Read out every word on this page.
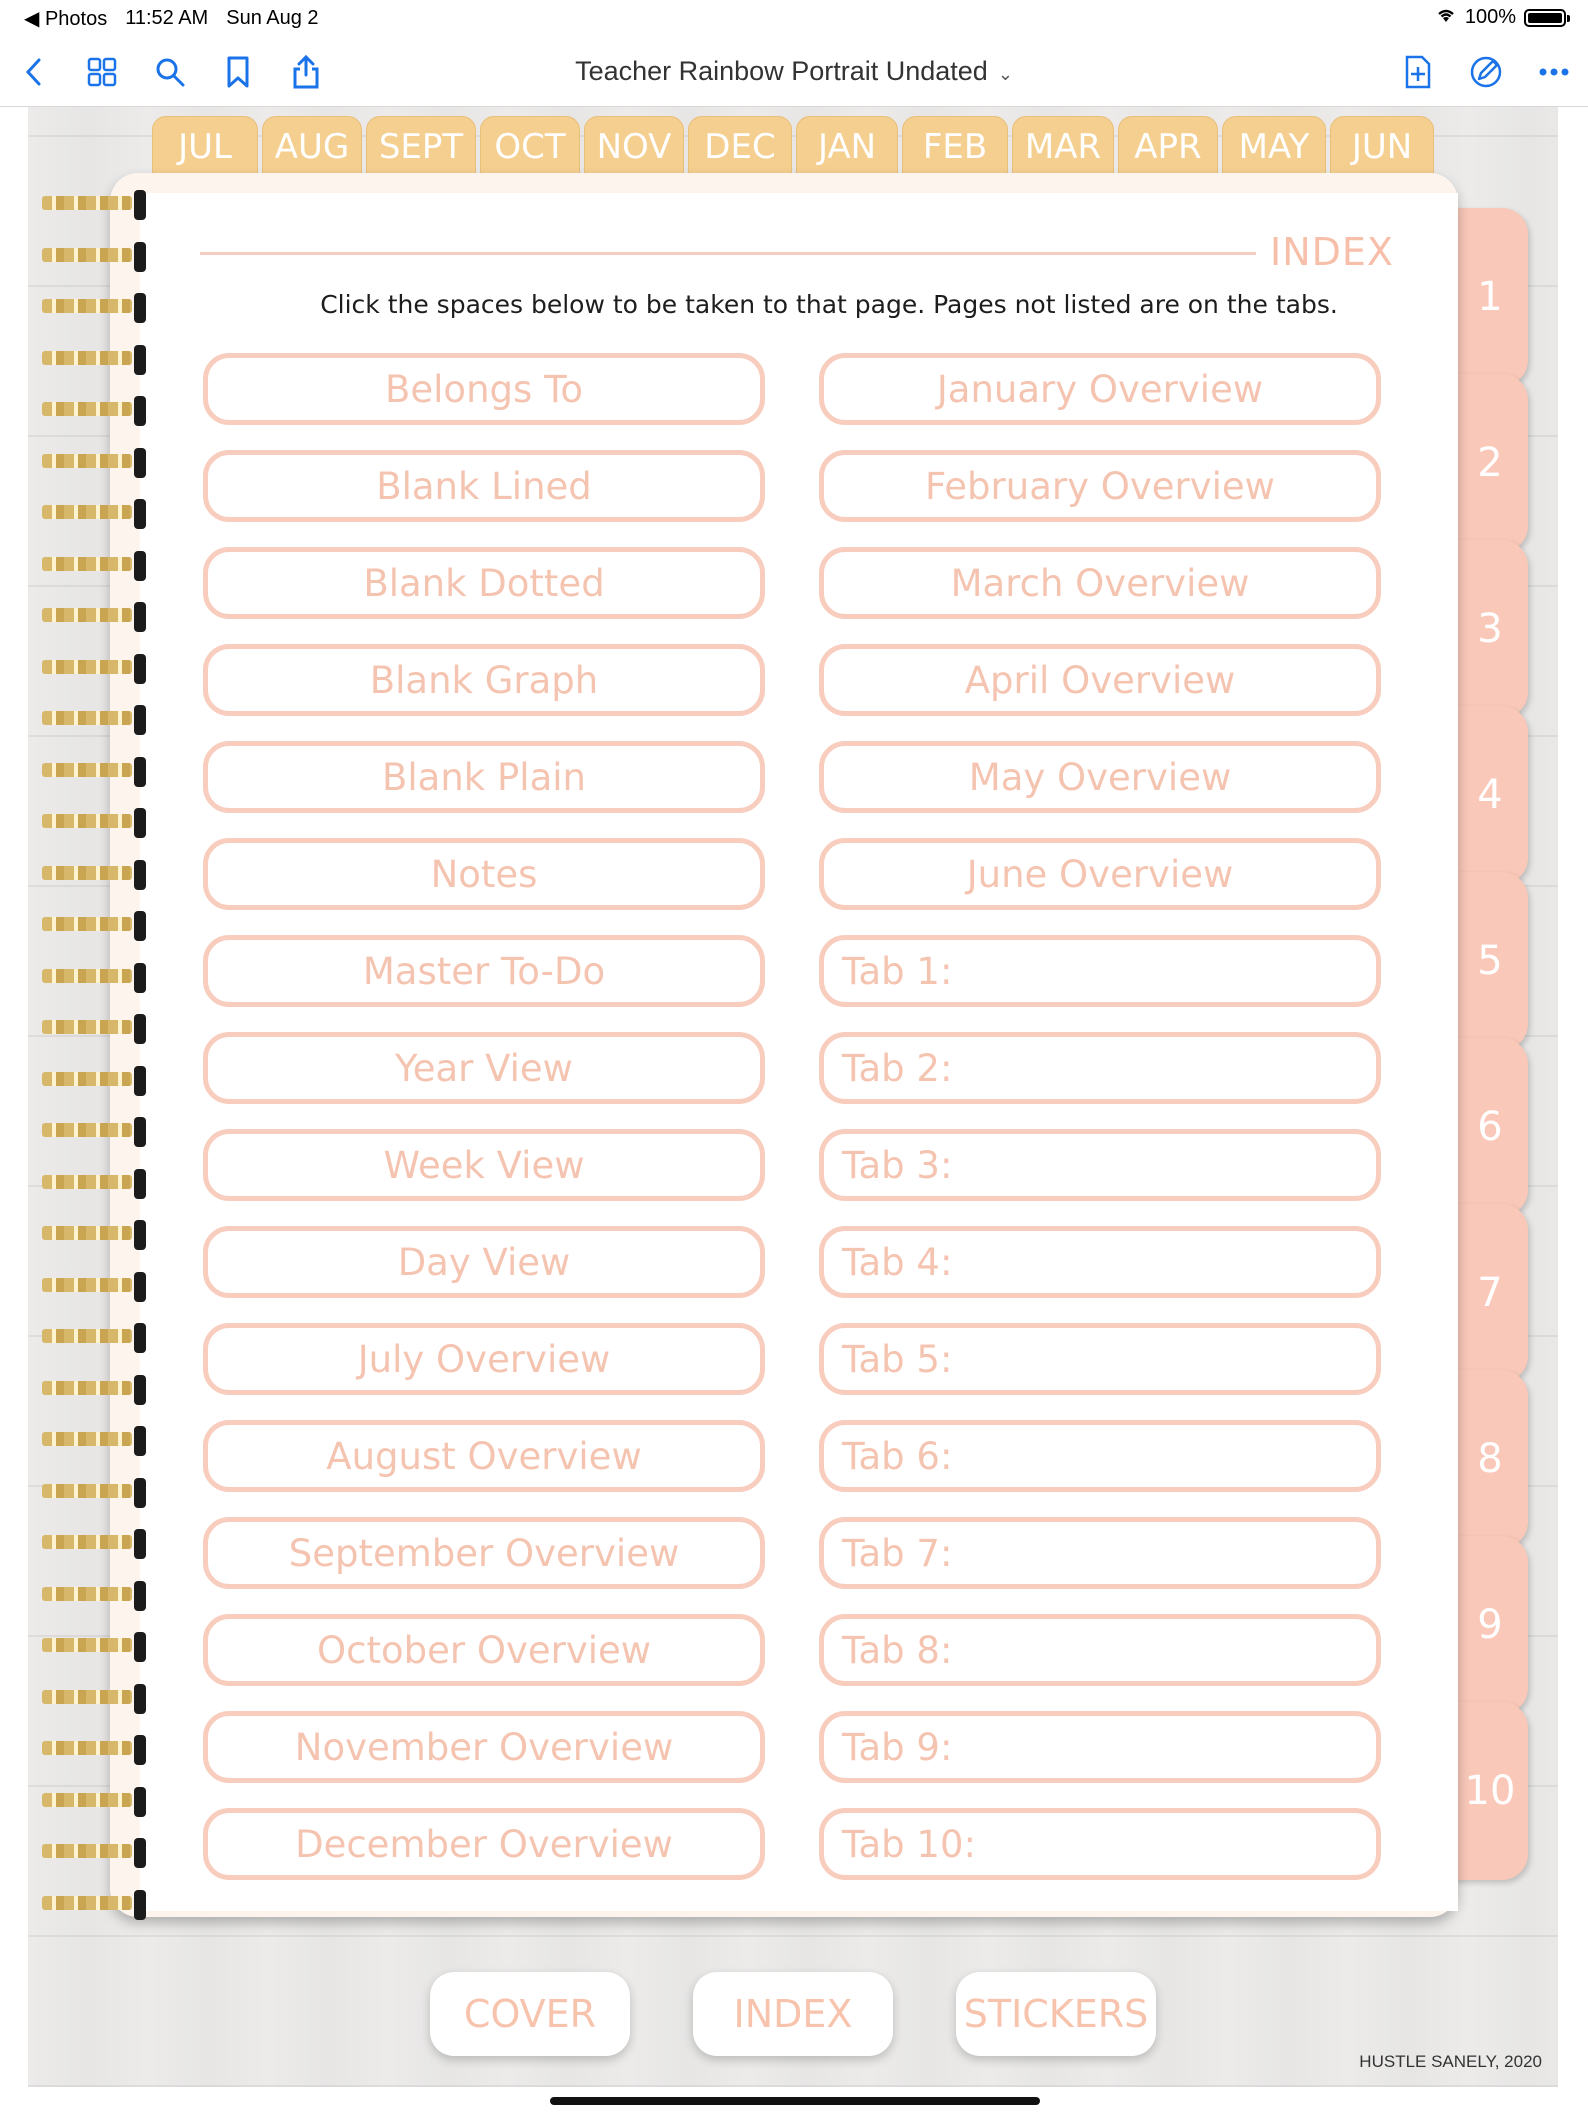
◀ Photos 11:52 AM Sun Aug 2	100%
Teacher Rainbow Portrait Undated ⌄
JUL	AUG SEPT OCT NOV DEC	JAN	FEB	MAR APR	MAY	JUN
1
2
3
4
5
6
7
8
9
10
INDEX
Click the spaces below to be taken to that page. Pages not listed are on the tabs.
Belongs To
Blank Lined
Blank Dotted
Blank Graph
Blank Plain
Notes
Master To-Do
Year View
Week View
Day View
July Overview
August Overview
September Overview
October Overview
November Overview
December Overview
January Overview
February Overview
March Overview
April Overview
May Overview
June Overview
Tab 1:
Tab 2:
Tab 3:
Tab 4:
Tab 5:
Tab 6:
Tab 7:
Tab 8:
Tab 9:
Tab 10:
COVER	INDEX	STICKERS
HUSTLE SANELY, 2020
